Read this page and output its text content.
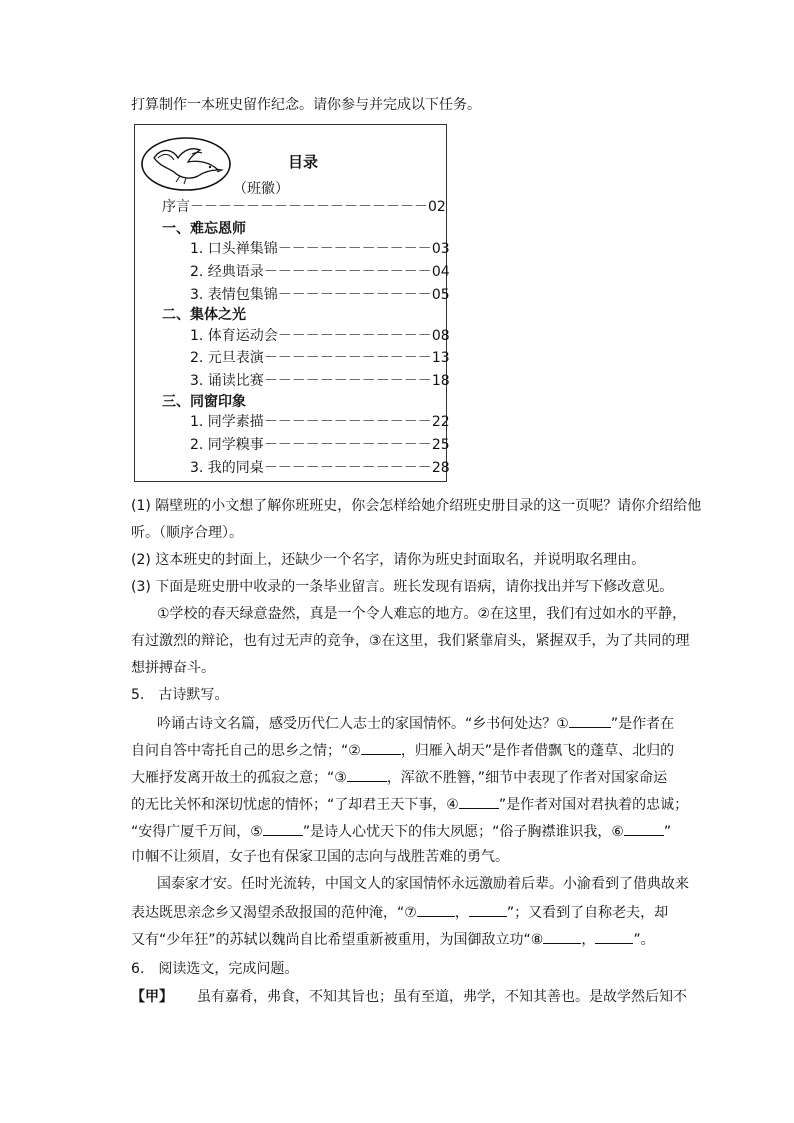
打算制作一本班史留作纪念。请你参与并完成以下任务。
目录
（班徽）
序言－－－－－－－－－－－－－－－－－02
一、难忘恩师
1. 口头禅集锦－－－－－－－－－－－03
2. 经典语录－－－－－－－－－－－－04
3. 表情包集锦－－－－－－－－－－－05
二、集体之光
1. 体育运动会－－－－－－－－－－－08
2. 元旦表演－－－－－－－－－－－－13
3. 诵读比赛－－－－－－－－－－－－18
三、同窗印象
1. 同学素描－－－－－－－－－－－－22
2. 同学糗事－－－－－－－－－－－－25
3. 我的同桌－－－－－－－－－－－－28
(1) 隔壁班的小文想了解你班班史，你会怎样给她介绍班史册目录的这一页呢？请你介绍给他
听。（顺序合理）。
(2) 这本班史的封面上，还缺少一个名字，请你为班史封面取名，并说明取名理由。
(3) 下面是班史册中收录的一条毕业留言。班长发现有语病，请你找出并写下修改意见。
①学校的春天绿意盎然，真是一个令人难忘的地方。②在这里，我们有过如水的平静，
有过激烈的辩论，也有过无声的竞争，③在这里，我们紧靠肩头，紧握双手，为了共同的理
想拼搏奋斗。
5.　古诗默写。
吟诵古诗文名篇，感受历代仁人志士的家国情怀。“乡书何处达？①	”是作者在
自问自答中寄托自己的思乡之情；“②	，归雁入胡天”是作者借飘飞的蓬草、北归的
大雁抒发离开故土的孤寂之意；“③	，浑欲不胜簪，”细节中表现了作者对国家命运
的无比关怀和深切忧虑的情怀；“了却君王天下事，④	”是作者对国对君执着的忠诚；
“安得广厦千万间，⑤	”是诗人心忧天下的伟大夙愿；“俗子胸襟谁识我，⑥	”
巾帼不让须眉，女子也有保家卫国的志向与战胜苦难的勇气。
国泰家才安。任时光流转，中国文人的家国情怀永远激励着后辈。小渝看到了借典故来
表达既思亲念乡又渴望杀敌报国的范仲淹，“⑦	，	”；又看到了自称老夫，却
又有“少年狂”的苏轼以魏尚自比希望重新被重用，为国御敌立功“⑧	，	”。
6.　阅读选文，完成问题。
【甲】 虽有嘉肴，弗食，不知其旨也；虽有至道，弗学，不知其善也。是故学然后知不
